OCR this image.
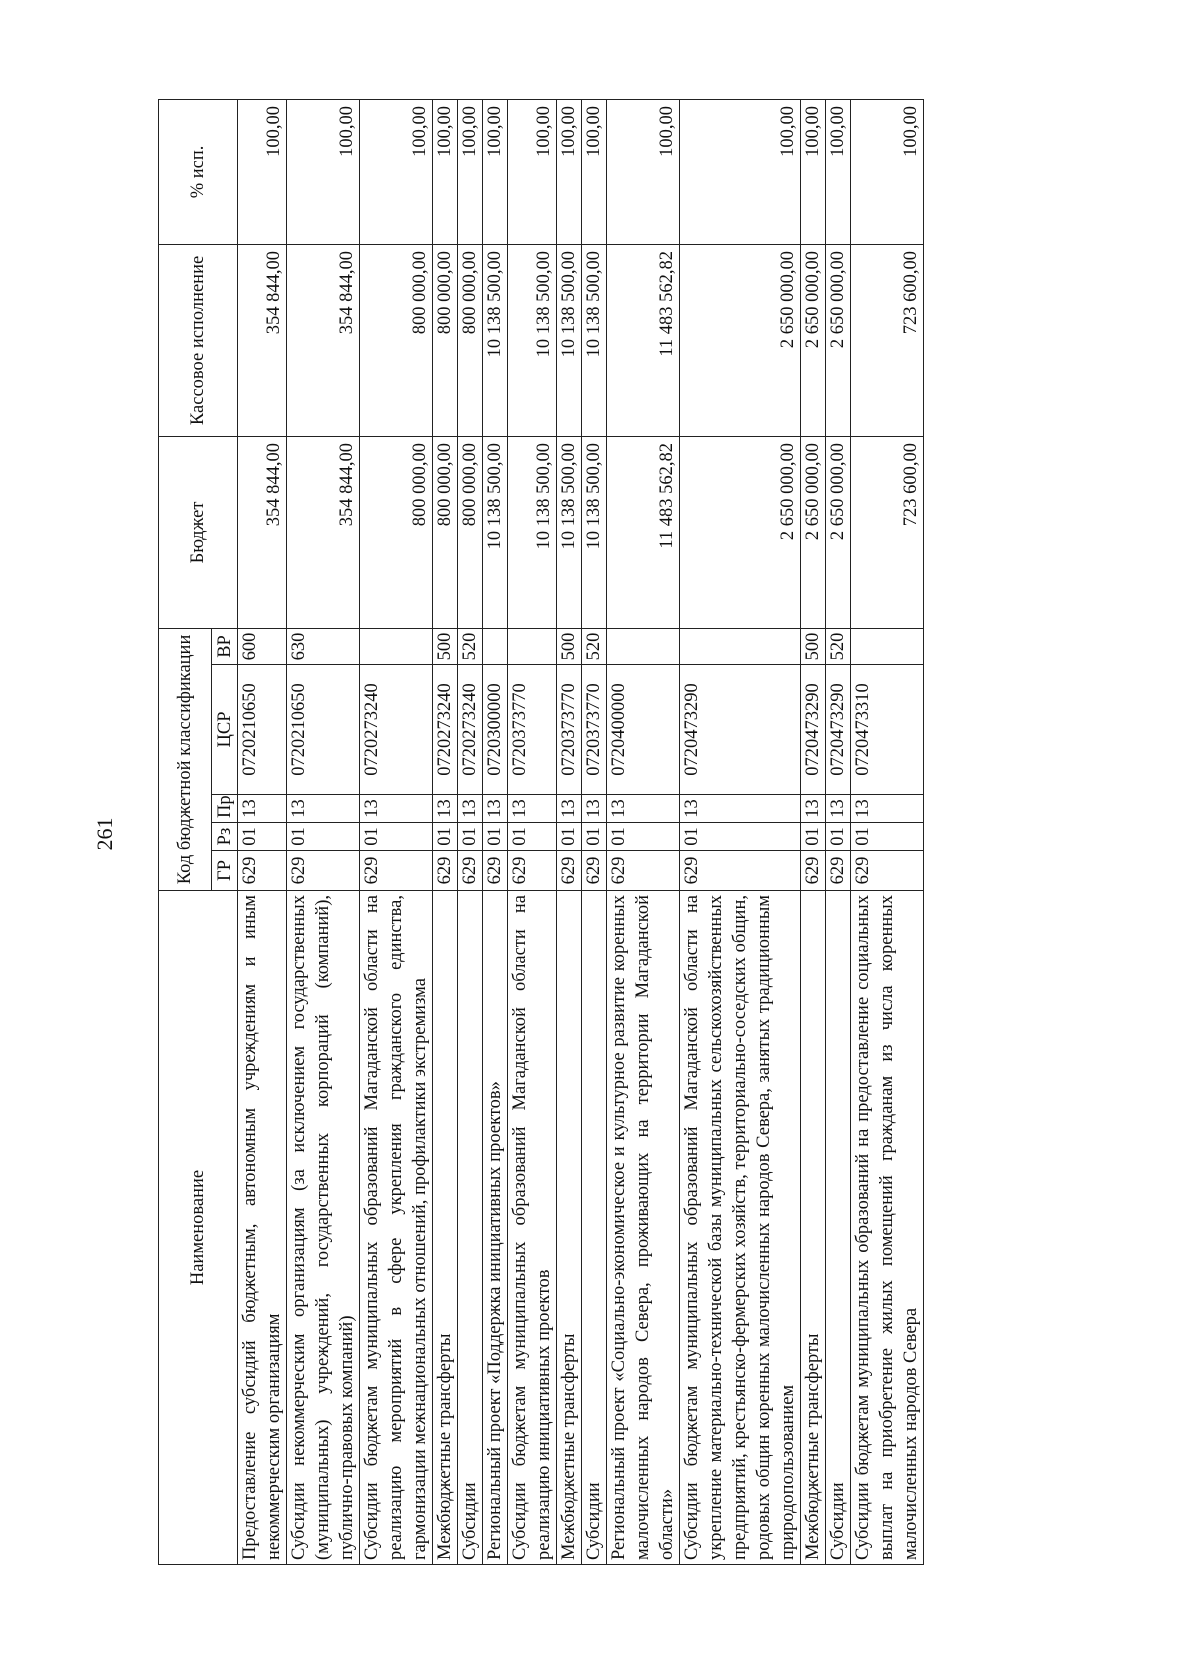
261
Наименование	Код бюджетной классификации					Бюджет	Кассовое исполнение	% исп.
	ГР	Рз	Пр	ЦСР	ВР			
Предоставление субсидий бюджетным, автономным учреждениям и иным некоммерческим организациям	629	01	13	0720210650	600	354 844,00	354 844,00	100,00
Субсидии некоммерческим организациям (за исключением государственных (муниципальных) учреждений, государственных корпораций (компаний), публично-правовых компаний)	629	01	13	0720210650	630	354 844,00	354 844,00	100,00
Субсидии бюджетам муниципальных образований Магаданской области на реализацию мероприятий в сфере укрепления гражданского единства, гармонизации межнациональных отношений, профилактики экстремизма	629	01	13	0720273240		800 000,00	800 000,00	100,00
Межбюджетные трансферты	629	01	13	0720273240	500	800 000,00	800 000,00	100,00
Субсидии	629	01	13	0720273240	520	800 000,00	800 000,00	100,00
Региональный проект «Поддержка инициативных проектов»	629	01	13	0720300000		10 138 500,00	10 138 500,00	100,00
Субсидии бюджетам муниципальных образований Магаданской области на реализацию инициативных проектов	629	01	13	0720373770		10 138 500,00	10 138 500,00	100,00
Межбюджетные трансферты	629	01	13	0720373770	500	10 138 500,00	10 138 500,00	100,00
Субсидии	629	01	13	0720373770	520	10 138 500,00	10 138 500,00	100,00
Региональный проект «Социально-экономическое и культурное развитие коренных малочисленных народов Севера, проживающих на территории Магаданской области»	629	01	13	0720400000		11 483 562,82	11 483 562,82	100,00
Субсидии бюджетам муниципальных образований Магаданской области на укрепление материально-технической базы муниципальных сельскохозяйственных предприятий, крестьянско-фермерских хозяйств, территориально-соседских общин, родовых общин коренных малочисленных народов Севера, занятых традиционным природопользованием	629	01	13	0720473290		2 650 000,00	2 650 000,00	100,00
Межбюджетные трансферты	629	01	13	0720473290	500	2 650 000,00	2 650 000,00	100,00
Субсидии	629	01	13	0720473290	520	2 650 000,00	2 650 000,00	100,00
Субсидии бюджетам муниципальных образований на предоставление социальных выплат на приобретение жилых помещений гражданам из числа коренных малочисленных народов Севера	629	01	13	0720473310		723 600,00	723 600,00	100,00
